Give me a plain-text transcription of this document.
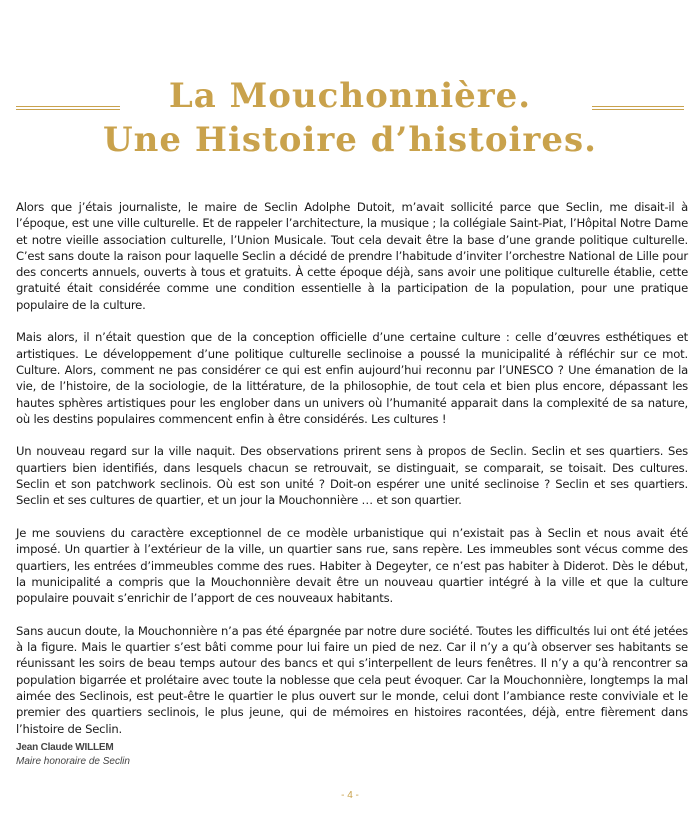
La Mouchonnière.
Une Histoire d’histoires.

Alors que j’étais journaliste, le maire de Seclin Adolphe Dutoit, m’avait sollicité parce que Seclin, me disait-il à l’époque, est une ville culturelle. Et de rappeler l’architecture, la musique ; la collégiale Saint-Piat, l’Hôpital Notre Dame et notre vieille association culturelle, l’Union Musicale. Tout cela devait être la base d’une grande politique culturelle. C’est sans doute la raison pour laquelle Seclin a décidé de prendre l’habitude d’inviter l’orchestre National de Lille pour des concerts annuels, ouverts à tous et gratuits. À cette époque déjà, sans avoir une politique culturelle établie, cette gratuité était considérée comme une condition essentielle à la participation de la population, pour une pratique populaire de la culture.

Mais alors, il n’était question que de la conception officielle d’une certaine culture : celle d’œuvres esthétiques et artistiques. Le développement d’une politique culturelle seclinoise a poussé la municipalité à réfléchir sur ce mot. Culture. Alors, comment ne pas considérer ce qui est enfin aujourd’hui reconnu par l’UNESCO ? Une émanation de la vie, de l’histoire, de la sociologie, de la littérature, de la philosophie, de tout cela et bien plus encore, dépassant les hautes sphères artistiques pour les englober dans un univers où l’humanité apparait dans la complexité de sa nature, où les destins populaires commencent enfin à être considérés. Les cultures !

Un nouveau regard sur la ville naquit. Des observations prirent sens à propos de Seclin. Seclin et ses quartiers. Ses quartiers bien identifiés, dans lesquels chacun se retrouvait, se distinguait, se comparait, se toisait. Des cultures. Seclin et son patchwork seclinois. Où est son unité ? Doit-on espérer une unité seclinoise ? Seclin et ses quartiers. Seclin et ses cultures de quartier, et un jour la Mouchonnière … et son quartier.

Je me souviens du caractère exceptionnel de ce modèle urbanistique qui n’existait pas à Seclin et nous avait été imposé. Un quartier à l’extérieur de la ville, un quartier sans rue, sans repère. Les immeubles sont vécus comme des quartiers, les entrées d’immeubles comme des rues. Habiter à Degeyter, ce n’est pas habiter à Diderot. Dès le début, la municipalité a compris que la Mouchonnière devait être un nouveau quartier intégré à la ville et que la culture populaire pouvait s’enrichir de l’apport de ces nouveaux habitants.

Sans aucun doute, la Mouchonnière n’a pas été épargnée par notre dure société. Toutes les difficultés lui ont été jetées à la figure. Mais le quartier s’est bâti comme pour lui faire un pied de nez. Car il n’y a qu’à observer ses habitants se réunissant les soirs de beau temps autour des bancs et qui s’interpellent de leurs fenêtres. Il n’y a qu’à rencontrer sa population bigarrée et prolétaire avec toute la noblesse que cela peut évoquer. Car la Mouchonnière, longtemps la mal aimée des Seclinois, est peut-être le quartier le plus ouvert sur le monde, celui dont l’ambiance reste conviviale et le premier des quartiers seclinois, le plus jeune, qui de mémoires en histoires racontées, déjà, entre fièrement dans l’histoire de Seclin.

Jean Claude WILLEM
Maire honoraire de Seclin
- 4 -
